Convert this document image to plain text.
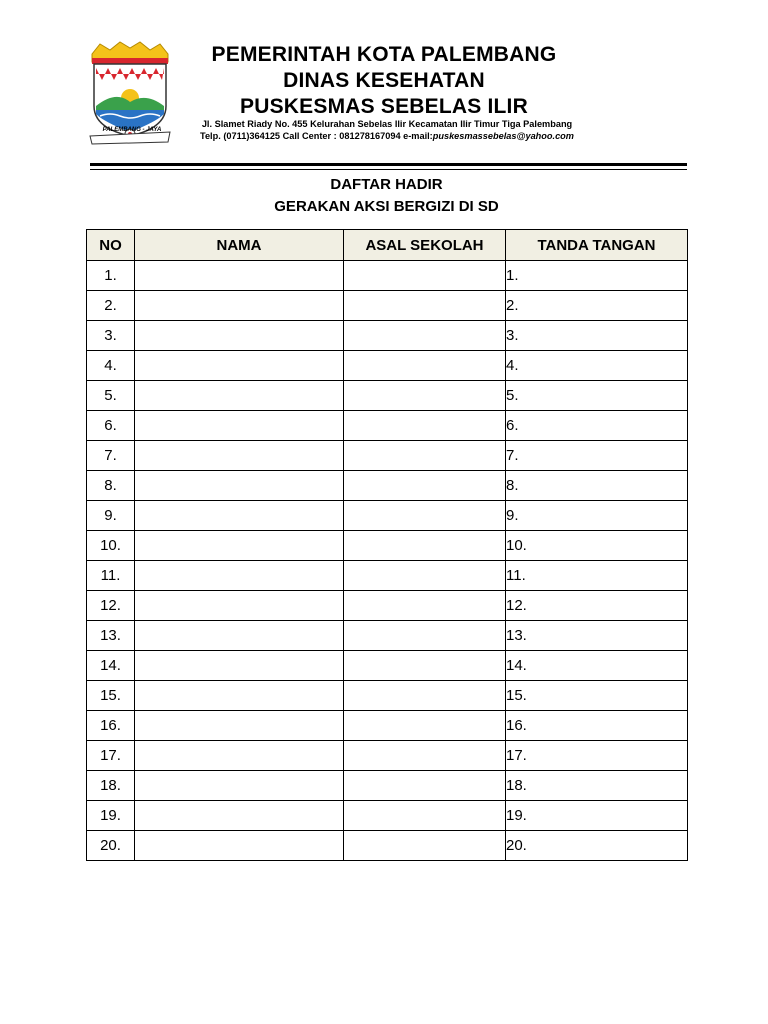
PALEMBANG - JAYA
PEMERINTAH KOTA PALEMBANG
DINAS KESEHATAN
PUSKESMAS SEBELAS ILIR
Jl. Slamet Riady No. 455 Kelurahan Sebelas Ilir Kecamatan Ilir Timur Tiga Palembang
Telp. (0711)364125 Call Center : 081278167094 e-mail:puskesmassebelas@yahoo.com
DAFTAR HADIR
GERAKAN AKSI BERGIZI DI SD
NO	NAMA	ASAL SEKOLAH	TANDA TANGAN
1.			1.
2.			2.
3.			3.
4.			4.
5.			5.
6.			6.
7.			7.
8.			8.
9.			9.
10.			10.
11.			11.
12.			12.
13.			13.
14.			14.
15.			15.
16.			16.
17.			17.
18.			18.
19.			19.
20.			20.
